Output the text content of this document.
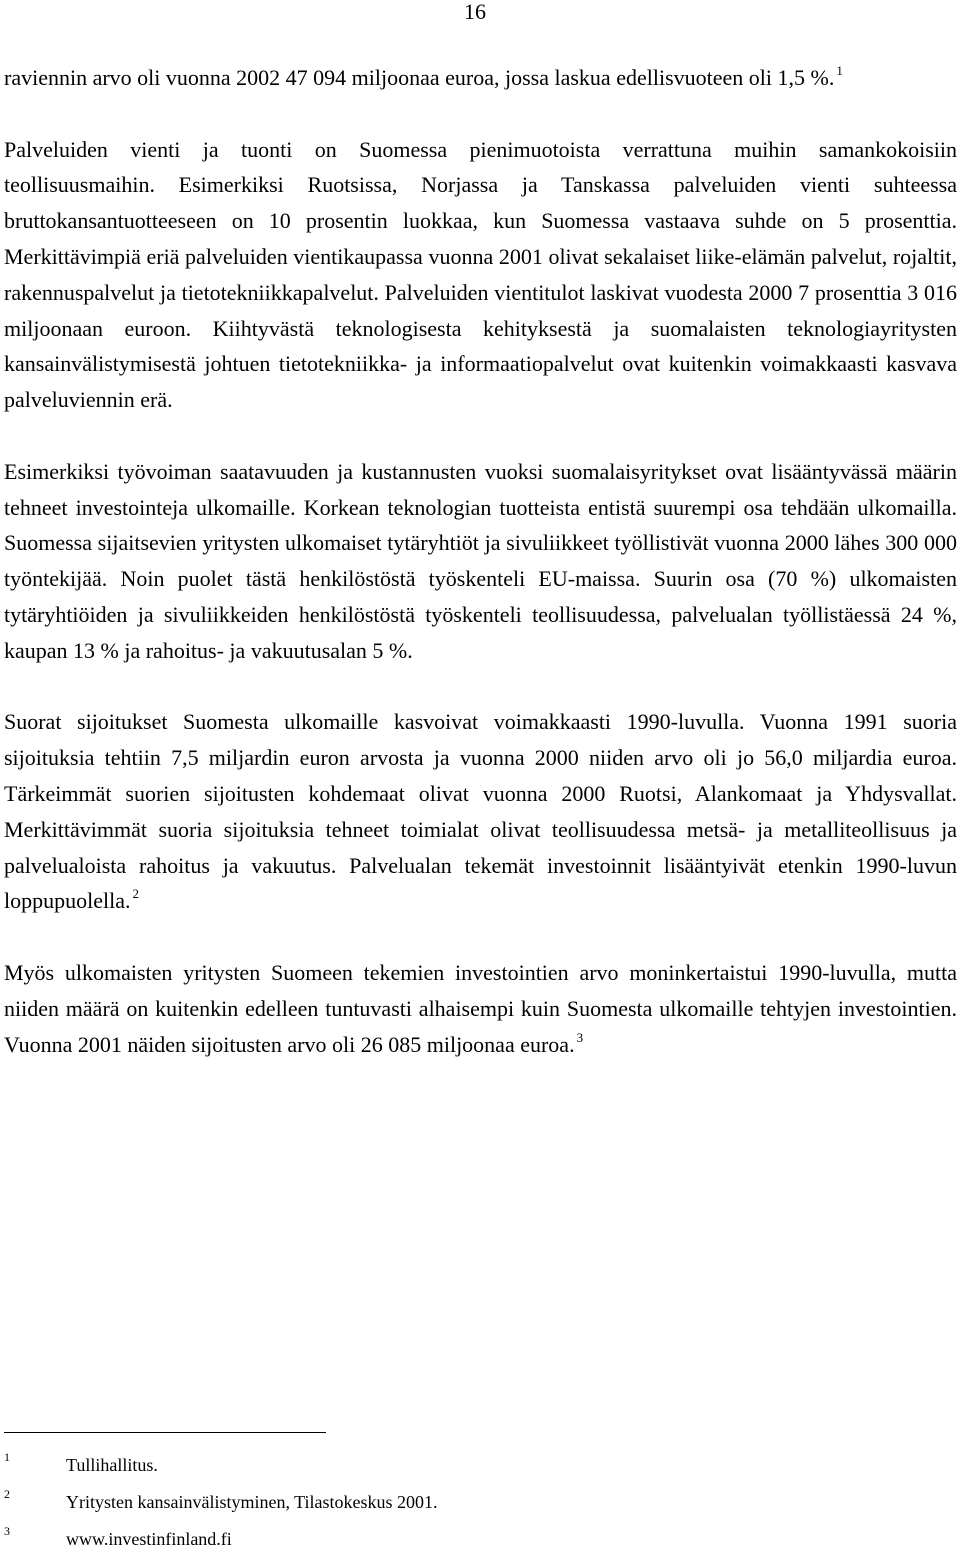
16

raviennin arvo oli vuonna 2002 47 094 miljoonaa euroa, jossa laskua edellisvuoteen oli 1,5 %. $^1$

Palveluiden vienti ja tuonti on Suomessa pienimuotoista verrattuna muihin samankokoisiin teollisuusmaihin. Esimerkiksi Ruotsissa, Norjassa ja Tanskassa palveluiden vienti suhteessa bruttokansantuotteeseen on 10 prosentin luokkaa, kun Suomessa vastaava suhde on 5 prosenttia. Merkittävimpiä eriä palveluiden vientikaupassa vuonna 2001 olivat sekalaiset liike-elämän palvelut, rojaltit, rakennuspalvelut ja tietotekniikkapalvelut. Palveluiden vientitulot laskivat vuodesta 2000 7 prosenttia 3 016 miljoonaan euroon. Kiihtyvästä teknologisesta kehityksestä ja suomalaisten teknologiayritysten kansainvälistymisestä johtuen tietotekniikka- ja informaatiopalvelut ovat kuitenkin voimakkaasti kasvava palveluviennin erä.

Esimerkiksi työvoiman saatavuuden ja kustannusten vuoksi suomalaisyritykset ovat lisääntyvässä määrin tehneet investointeja ulkomaille. Korkean teknologian tuotteista entistä suurempi osa tehdään ulkomailla. Suomessa sijaitsevien yritysten ulkomaiset tytäryhtiöt ja sivuliikkeet työllistivät vuonna 2000 lähes 300 000 työntekijää. Noin puolet tästä henkilöstöstä työskenteli EU-maissa. Suurin osa (70 %) ulkomaisten tytäryhtiöiden ja sivuliikkeiden henkilöstöstä työskenteli teollisuudessa, palvelualan työllistäessä 24 %, kaupan 13 % ja rahoitus- ja vakuutusalan 5 %.

Suorat sijoitukset Suomesta ulkomaille kasvoivat voimakkaasti 1990-luvulla. Vuonna 1991 suoria sijoituksia tehtiin 7,5 miljardin euron arvosta ja vuonna 2000 niiden arvo oli jo 56,0 miljardia euroa. Tärkeimmät suorien sijoitusten kohdemaat olivat vuonna 2000 Ruotsi, Alankomaat ja Yhdysvallat. Merkittävimmät suoria sijoituksia tehneet toimialat olivat teollisuudessa metsä- ja metalliteollisuus ja palvelualoista rahoitus ja vakuutus. Palvelualan tekemät investoinnit lisääntyivät etenkin 1990-luvun loppupuolella. $^2$

Myös ulkomaisten yritysten Suomeen tekemien investointien arvo moninkertaistui 1990-luvulla, mutta niiden määrä on kuitenkin edelleen tuntuvasti alhaisempi kuin Suomesta ulkomaille tehtyjen investointien. Vuonna 2001 näiden sijoitusten arvo oli 26 085 miljoonaa euroa. $^3$

1	Tullihallitus.
2	Yritysten kansainvälistyminen, Tilastokeskus 2001.
3	www.investinfinland.fi
